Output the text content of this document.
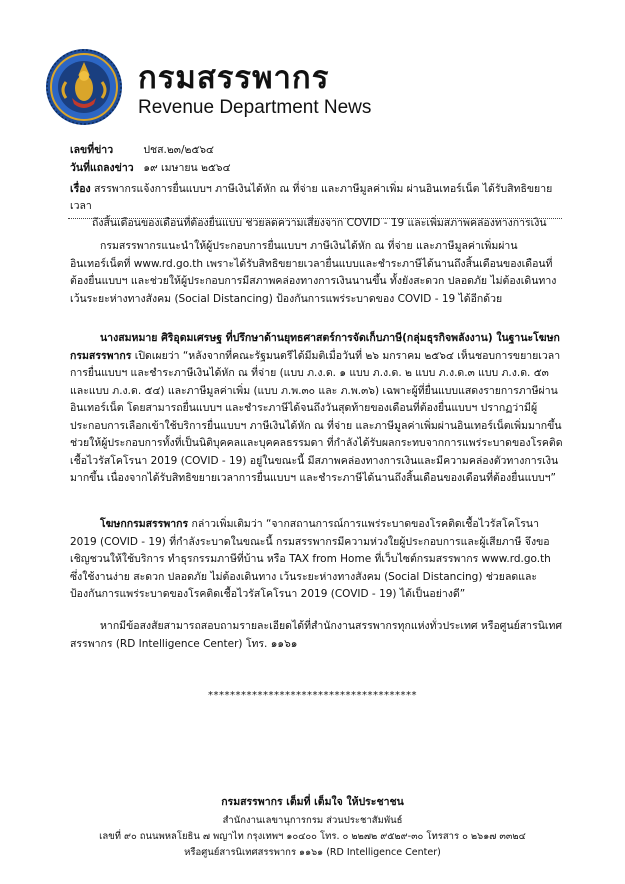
กรมสรรพากร
Revenue Department News
เลขที่ข่าว	ปชส.๒๓/๒๕๖๔
วันที่แถลงข่าว ๑๙ เมษายน ๒๕๖๔
เรื่อง สรรพากรแจ้งการยื่นแบบฯ ภาษีเงินได้หัก ณ ที่จ่าย และภาษีมูลค่าเพิ่ม ผ่านอินเทอร์เน็ต ได้รับสิทธิขยายเวลา
ถึงสิ้นเดือนของเดือนที่ต้องยื่นแบบ ช่วยลดความเสี่ยงจาก COVID - 19 และเพิ่มสภาพคล่องทางการเงิน
กรมสรรพากรแนะนำให้ผู้ประกอบการยื่นแบบฯ ภาษีเงินได้หัก ณ ที่จ่าย และภาษีมูลค่าเพิ่มผ่านอินเทอร์เน็ตที่ www.rd.go.th เพราะได้รับสิทธิขยายเวลายื่นแบบและชำระภาษีได้นานถึงสิ้นเดือนของเดือนที่ต้องยื่นแบบฯ และช่วยให้ผู้ประกอบการมีสภาพคล่องทางการเงินนานขึ้น ทั้งยังสะดวก ปลอดภัย ไม่ต้องเดินทาง เว้นระยะห่างทางสังคม (Social Distancing) ป้องกันการแพร่ระบาดของ COVID - 19 ได้อีกด้วย
นางสมหมาย ศิริอุดมเศรษฐ ที่ปรึกษาด้านยุทธศาสตร์การจัดเก็บภาษี(กลุ่มธุรกิจพลังงาน) ในฐานะโฆษกกรมสรรพากร เปิดเผยว่า “หลังจากที่คณะรัฐมนตรีได้มีมติเมื่อวันที่ ๒๖ มกราคม ๒๕๖๔ เห็นชอบการขยายเวลาการยื่นแบบฯ และชำระภาษีเงินได้หัก ณ ที่จ่าย (แบบ ภ.ง.ด. ๑ แบบ ภ.ง.ด. ๒ แบบ ภ.ง.ด.๓ แบบ ภ.ง.ด. ๕๓ และแบบ ภ.ง.ด. ๕๔) และภาษีมูลค่าเพิ่ม (แบบ ภ.พ.๓๐ และ ภ.พ.๓๖) เฉพาะผู้ที่ยื่นแบบแสดงรายการภาษีผ่านอินเทอร์เน็ต โดยสามารถยื่นแบบฯ และชำระภาษีได้จนถึงวันสุดท้ายของเดือนที่ต้องยื่นแบบฯ ปรากฏว่ามีผู้ประกอบการเลือกเข้าใช้บริการยื่นแบบฯ ภาษีเงินได้หัก ณ ที่จ่าย และภาษีมูลค่าเพิ่มผ่านอินเทอร์เน็ตเพิ่มมากขึ้น ช่วยให้ผู้ประกอบการทั้งที่เป็นนิติบุคคลและบุคคลธรรมดา ที่กำลังได้รับผลกระทบจากการแพร่ระบาดของโรคติดเชื้อไวรัสโคโรนา 2019 (COVID - 19) อยู่ในขณะนี้ มีสภาพคล่องทางการเงินและมีความคล่องตัวทางการเงินมากขึ้น เนื่องจากได้รับสิทธิขยายเวลาการยื่นแบบฯ และชำระภาษีได้นานถึงสิ้นเดือนของเดือนที่ต้องยื่นแบบฯ”
โฆษกกรมสรรพากร กล่าวเพิ่มเติมว่า “จากสถานการณ์การแพร่ระบาดของโรคติดเชื้อไวรัสโคโรนา 2019 (COVID - 19) ที่กำลังระบาดในขณะนี้ กรมสรรพากรมีความห่วงใยผู้ประกอบการและผู้เสียภาษี จึงขอเชิญชวนให้ใช้บริการ ทำธุรกรรมภาษีที่บ้าน หรือ TAX from Home ที่เว็บไซต์กรมสรรพากร www.rd.go.th ซึ่งใช้งานง่าย สะดวก ปลอดภัย ไม่ต้องเดินทาง เว้นระยะห่างทางสังคม (Social Distancing) ช่วยลดและป้องกันการแพร่ระบาดของโรคติดเชื้อไวรัสโคโรนา 2019 (COVID - 19) ได้เป็นอย่างดี”
หากมีข้อสงสัยสามารถสอบถามรายละเอียดได้ที่สำนักงานสรรพากรทุกแห่งทั่วประเทศ หรือศูนย์สารนิเทศสรรพากร (RD Intelligence Center) โทร. ๑๑๖๑
**************************************
กรมสรรพากร เต็มที่ เต็มใจ ให้ประชาชน
สำนักงานเลขานุการกรม ส่วนประชาสัมพันธ์
เลขที่ ๙๐ ถนนพหลโยธิน ๗ พญาไท กรุงเทพฯ ๑๐๔๐๐ โทร. ๐ ๒๒๗๒ ๙๕๒๙-๓๐ โทรสาร ๐ ๒๖๑๗ ๓๓๒๔
หรือศูนย์สารนิเทศสรรพากร ๑๑๖๑ (RD Intelligence Center)
